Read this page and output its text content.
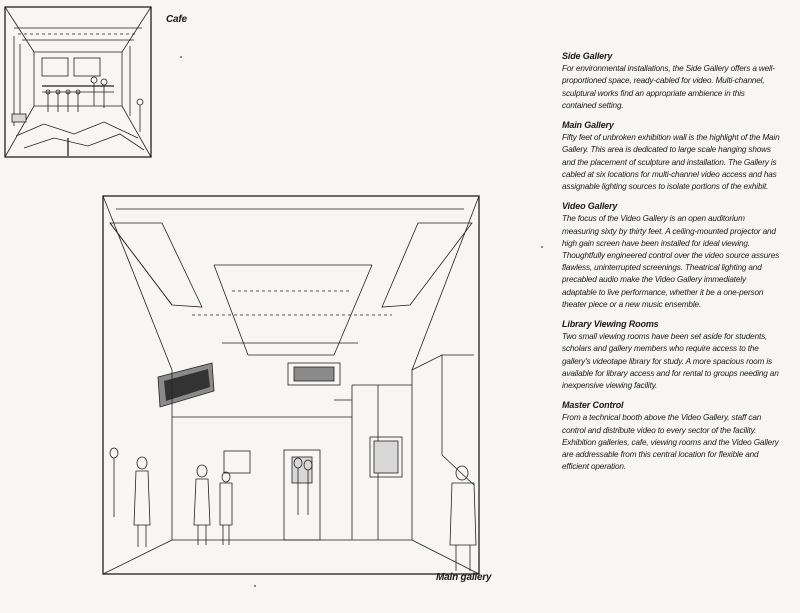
Cafe
Main gallery
Side Gallery

For environmental installations, the Side Gallery offers a well-proportioned space, ready-cabled for video. Multi-channel, sculptural works find an appropriate ambience in this contained setting.

Main Gallery

Fifty feet of unbroken exhibition wall is the highlight of the Main Gallery. This area is dedicated to large scale hanging shows and the placement of sculpture and installation. The Gallery is cabled at six locations for multi-channel video access and has assignable lighting sources to isolate portions of the exhibit.

Video Gallery

The focus of the Video Gallery is an open auditorium measuring sixty by thirty feet. A ceiling-mounted projector and high gain screen have been installed for ideal viewing. Thoughtfully engineered control over the video source assures flawless, uninterrupted screenings. Theatrical lighting and precabled audio make the Video Gallery immediately adaptable to live performance, whether it be a one-person theater piece or a new music ensemble.

Library Viewing Rooms

Two small viewing rooms have been set aside for students, scholars and gallery members who require access to the gallery's videotape library for study. A more spacious room is available for library access and for rental to groups needing an inexpensive viewing facility.

Master Control

From a technical booth above the Video Gallery, staff can control and distribute video to every sector of the facility. Exhibition galleries, cafe, viewing rooms and the Video Gallery are addressable from this central location for flexible and efficient operation.
